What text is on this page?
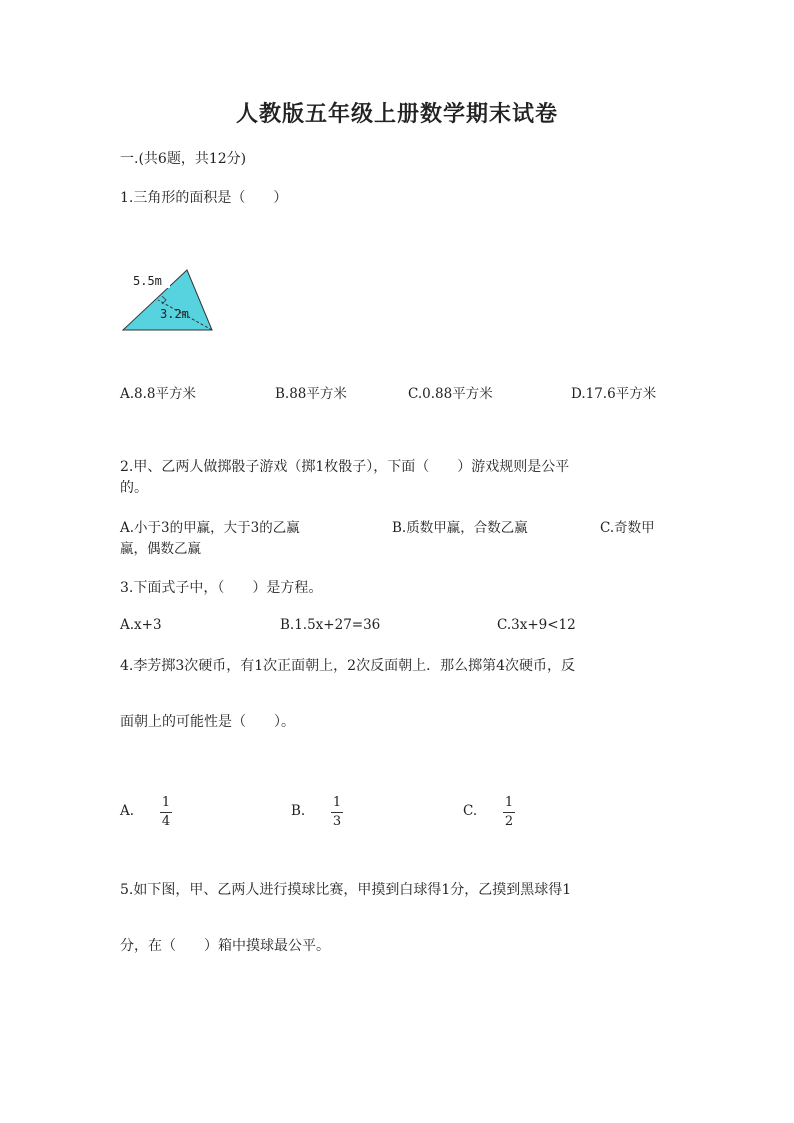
人教版五年级上册数学期末试卷
一.(共6题，共12分)
1.三角形的面积是（　　）
5.5m
3.2m
A.8.8平方米	B.88平方米	C.0.88平方米	D.17.6平方米
2.甲、乙两人做掷骰子游戏（掷1枚骰子），下面（　　）游戏规则是公平
的。
A.小于3的甲赢，大于3的乙赢	B.质数甲赢，合数乙赢	C.奇数甲
赢，偶数乙赢
3.下面式子中，（　　）是方程。
A.x+3	B.1.5x+27=36	C.3x+9<12
4.李芳掷3次硬币，有1次正面朝上，2次反面朝上．那么掷第4次硬币，反
面朝上的可能性是（　　）。
A.
1
4
B.
1
3
C.
1
2
5.如下图，甲、乙两人进行摸球比赛，甲摸到白球得1分，乙摸到黑球得1
分，在（　　）箱中摸球最公平。
